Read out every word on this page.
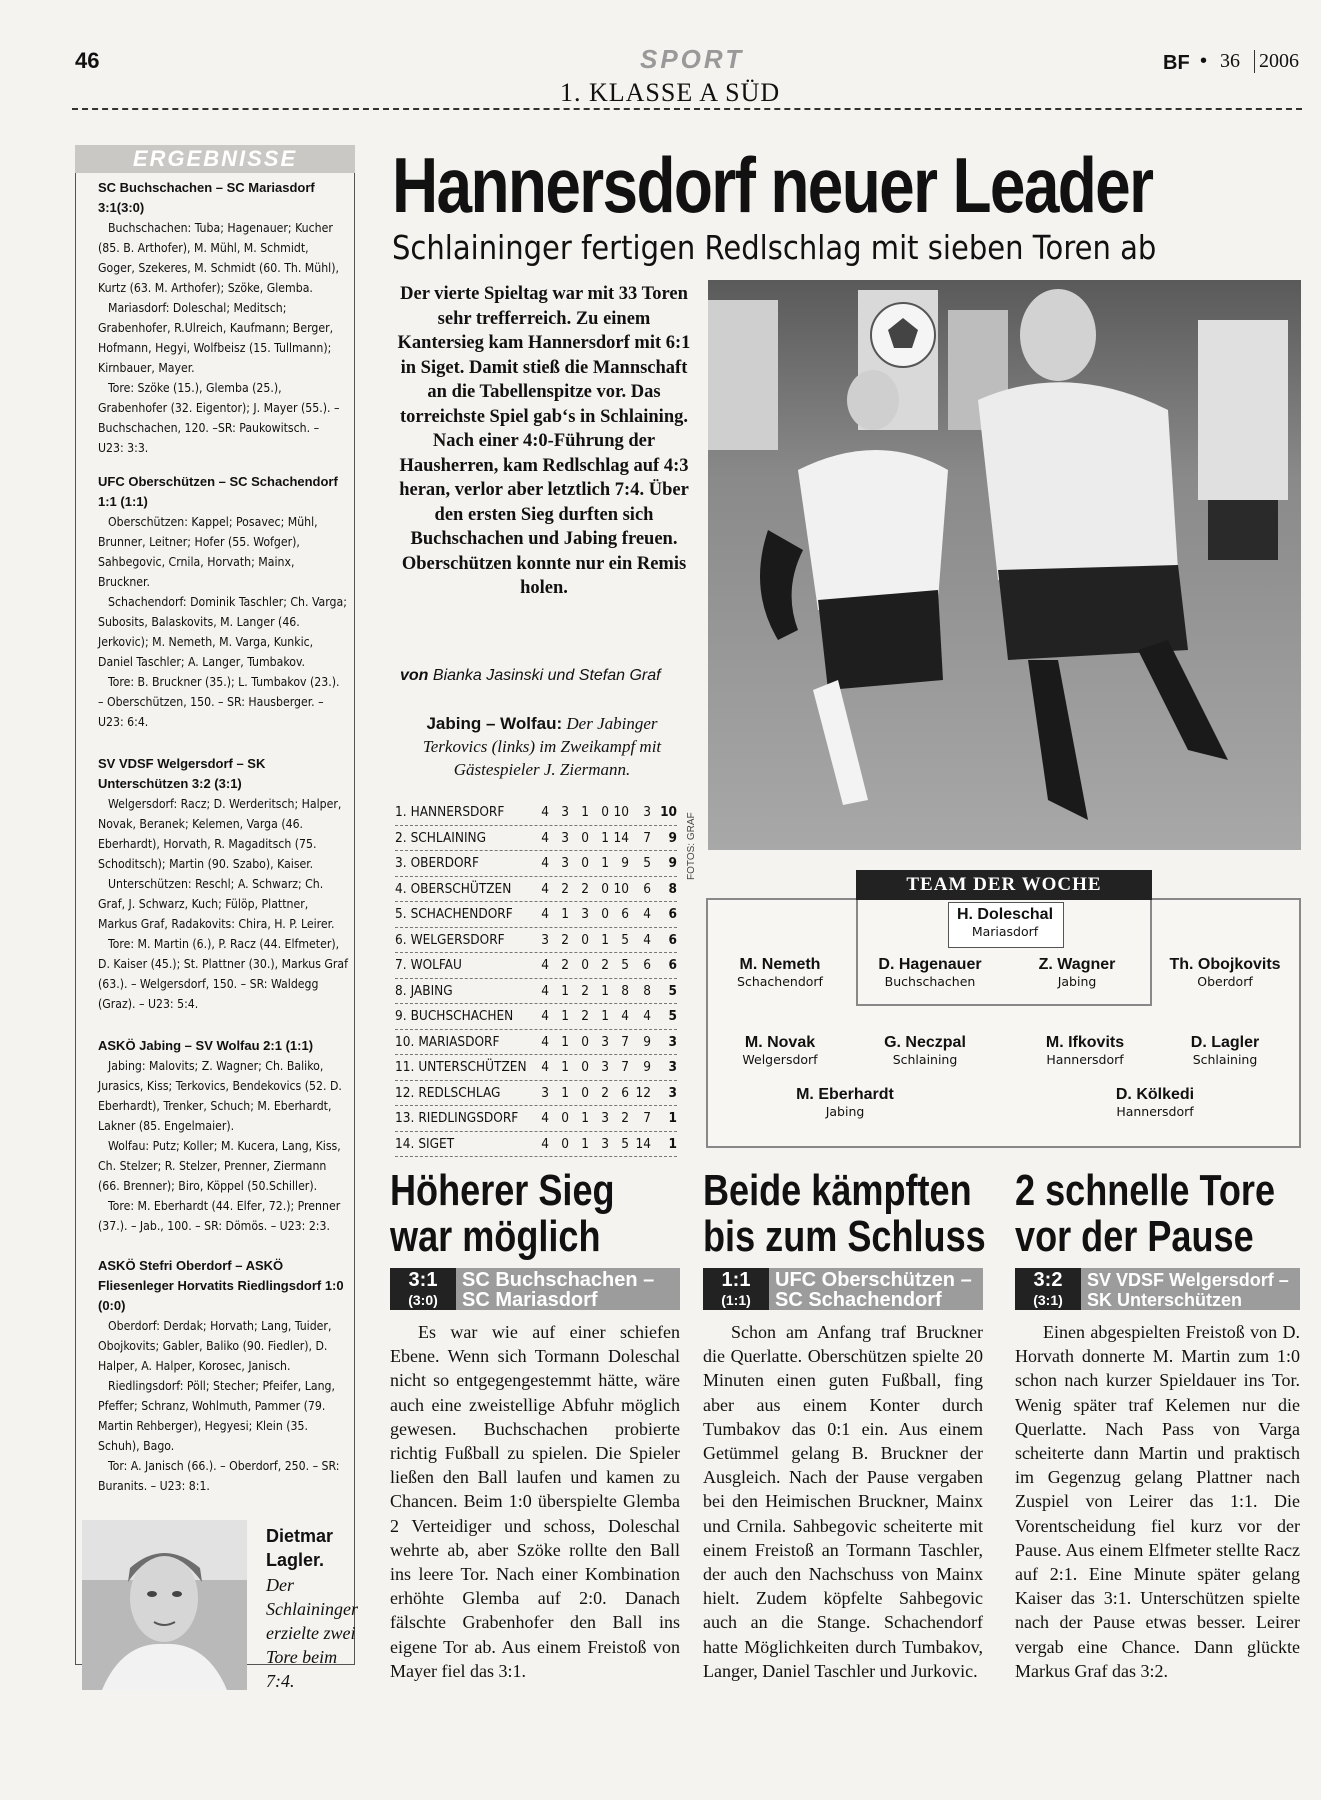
46	SPORT
1. KLASSE A SÜD
BF • 36 2006
ERGEBNISSE

SC Buchschachen – SC Mariasdorf 3:1(3:0)

Buchschachen: Tuba; Hagenauer; Kucher (85. B. Arthofer), M. Mühl, M. Schmidt, Goger, Szekeres, M. Schmidt (60. Th. Mühl), Kurtz (63. M. Arthofer); Szöke, Glemba.

Mariasdorf: Doleschal; Meditsch; Grabenhofer, R.Ulreich, Kaufmann; Berger, Hofmann, Hegyi, Wolfbeisz (15. Tullmann); Kirnbauer, Mayer.

Tore: Szöke (15.), Glemba (25.), Grabenhofer (32. Eigentor); J. Mayer (55.). – Buchschachen, 120. –SR: Paukowitsch. – U23: 3:3.

UFC Oberschützen – SC Schachendorf 1:1 (1:1)

Oberschützen: Kappel; Posavec; Mühl, Brunner, Leitner; Hofer (55. Wofger), Sahbegovic, Crnila, Horvath; Mainx, Bruckner.

Schachendorf: Dominik Taschler; Ch. Varga; Subosits, Balaskovits, M. Langer (46. Jerkovic); M. Nemeth, M. Varga, Kunkic, Daniel Taschler; A. Langer, Tumbakov.

Tore: B. Bruckner (35.); L. Tumbakov (23.). – Oberschützen, 150. – SR: Hausberger. – U23: 6:4.

SV VDSF Welgersdorf – SK Unterschützen 3:2 (3:1)

Welgersdorf: Racz; D. Werderitsch; Halper, Novak, Beranek; Kelemen, Varga (46. Eberhardt), Horvath, R. Magaditsch (75. Schoditsch); Martin (90. Szabo), Kaiser.

Unterschützen: Reschl; A. Schwarz; Ch. Graf, J. Schwarz, Kuch; Fülöp, Plattner, Markus Graf, Radakovits: Chira, H. P. Leirer.

Tore: M. Martin (6.), P. Racz (44. Elfmeter), D. Kaiser (45.); St. Plattner (30.), Markus Graf (63.). – Welgersdorf, 150. – SR: Waldegg (Graz). – U23: 5:4.

ASKÖ Jabing – SV Wolfau 2:1 (1:1)

Jabing: Malovits; Z. Wagner; Ch. Baliko, Jurasics, Kiss; Terkovics, Bendekovics (52. D. Eberhardt), Trenker, Schuch; M. Eberhardt, Lakner (85. Engelmaier).

Wolfau: Putz; Koller; M. Kucera, Lang, Kiss, Ch. Stelzer; R. Stelzer, Prenner, Ziermann (66. Brenner); Biro, Köppel (50.Schiller).

Tore: M. Eberhardt (44. Elfer, 72.); Prenner (37.). – Jab., 100. – SR: Dömös. – U23: 2:3.

ASKÖ Stefri Oberdorf – ASKÖ Fliesenleger Horvatits Riedlingsdorf 1:0 (0:0)

Oberdorf: Derdak; Horvath; Lang, Tuider, Obojkovits; Gabler, Baliko (90. Fiedler), D. Halper, A. Halper, Korosec, Janisch.

Riedlingsdorf: Pöll; Stecher; Pfeifer, Lang, Pfeffer; Schranz, Wohlmuth, Pammer (79. Martin Rehberger), Hegyesi; Klein (35. Schuh), Bago.

Tor: A. Janisch (66.). – Oberdorf, 250. – SR: Buranits. – U23: 8:1.

Dietmar Lagler.
Der Schlaininger erzielte zwei Tore beim 7:4.
Hannersdorf neuer Leader
Schlaininger fertigen Redlschlag mit sieben Toren ab
Der vierte Spieltag war mit 33 Toren sehr trefferreich. Zu einem Kantersieg kam Hannersdorf mit 6:1 in Siget. Damit stieß die Mannschaft an die Tabellenspitze vor. Das torreichste Spiel gab‘s in Schlaining. Nach einer 4:0-Führung der Hausherren, kam Redlschlag auf 4:3 heran, verlor aber letztlich 7:4. Über den ersten Sieg durften sich Buchschachen und Jabing freuen. Oberschützen konnte nur ein Remis holen.
von Bianka Jasinski und Stefan Graf
Jabing – Wolfau: Der Jabinger Terkovics (links) im Zweikampf mit Gästespieler J. Ziermann.
FOTOS: GRAF
1. HANNERSDORF	4 3 1 0 10	3 10
2. SCHLAINING	4 3 0 1 14	7	9
3. OBERDORF	4 3 0 1 9	5	9
4. OBERSCHÜTZEN	4 2 2 0 10	6	8
5. SCHACHENDORF	4 1 3 0 6	4	6
6. WELGERSDORF	3 2 0 1 5	4	6
7. WOLFAU	4 2 0 2 5	6	6
8. JABING	4 1 2 1 8	8	5
9. BUCHSCHACHEN	4 1 2 1 4	4	5
10. MARIASDORF	4 1 0 3 7	9	3
11. UNTERSCHÜTZEN	4 1 0 3 7	9	3
12. REDLSCHLAG	3 1 0 2 6 12	3
13. RIEDLINGSDORF	4 0 1 3 2	7	1
14. SIGET	4 0 1 3 5 14	1
TEAM DER WOCHE
H. Doleschal
Mariasdorf
M. Nemeth
Schachendorf
D. Hagenauer
Buchschachen
Z. Wagner
Jabing
Th. Obojkovits
Oberdorf
M. Novak
Welgersdorf
G. Neczpal
Schlaining
M. Ifkovits
Hannersdorf
D. Lagler
Schlaining
M. Eberhardt
Jabing
D. Kölkedi
Hannersdorf
Höherer Sieg
war möglich
3:1
(3:0)
SC Buchschachen –
SC Mariasdorf

Es war wie auf einer schiefen Ebene. Wenn sich Tormann Doleschal nicht so entgegengestemmt hätte, wäre auch eine zweistellige Abfuhr möglich gewesen. Buchschachen probierte richtig Fußball zu spielen. Die Spieler ließen den Ball laufen und kamen zu Chancen. Beim 1:0 überspielte Glemba 2 Verteidiger und schoss, Doleschal wehrte ab, aber Szöke rollte den Ball ins leere Tor. Nach einer Kombination erhöhte Glemba auf 2:0. Danach fälschte Grabenhofer den Ball ins eigene Tor ab. Aus einem Freistoß von Mayer fiel das 3:1.

Beide kämpften
bis zum Schluss
1:1
(1:1)
UFC Oberschützen –
SC Schachendorf

Schon am Anfang traf Bruckner die Querlatte. Oberschützen spielte 20 Minuten einen guten Fußball, fing aber aus einem Konter durch Tumbakov das 0:1 ein. Aus einem Getümmel gelang B. Bruckner der Ausgleich. Nach der Pause vergaben bei den Heimischen Bruckner, Mainx und Crnila. Sahbegovic scheiterte mit einem Freistoß an Tormann Taschler, der auch den Nachschuss von Mainx hielt. Zudem köpfelte Sahbegovic auch an die Stange. Schachendorf hatte Möglichkeiten durch Tumbakov, Langer, Daniel Taschler und Jurkovic.

2 schnelle Tore
vor der Pause
3:2
(3:1)
SV VDSF Welgersdorf –
SK Unterschützen

Einen abgespielten Freistoß von D. Horvath donnerte M. Martin zum 1:0 schon nach kurzer Spieldauer ins Tor. Wenig später traf Kelemen nur die Querlatte. Nach Pass von Varga scheiterte dann Martin und praktisch im Gegenzug gelang Plattner nach Zuspiel von Leirer das 1:1. Die Vorentscheidung fiel kurz vor der Pause. Aus einem Elfmeter stellte Racz auf 2:1. Eine Minute später gelang Kaiser das 3:1. Unterschützen spielte nach der Pause etwas besser. Leirer vergab eine Chance. Dann glückte Markus Graf das 3:2.
